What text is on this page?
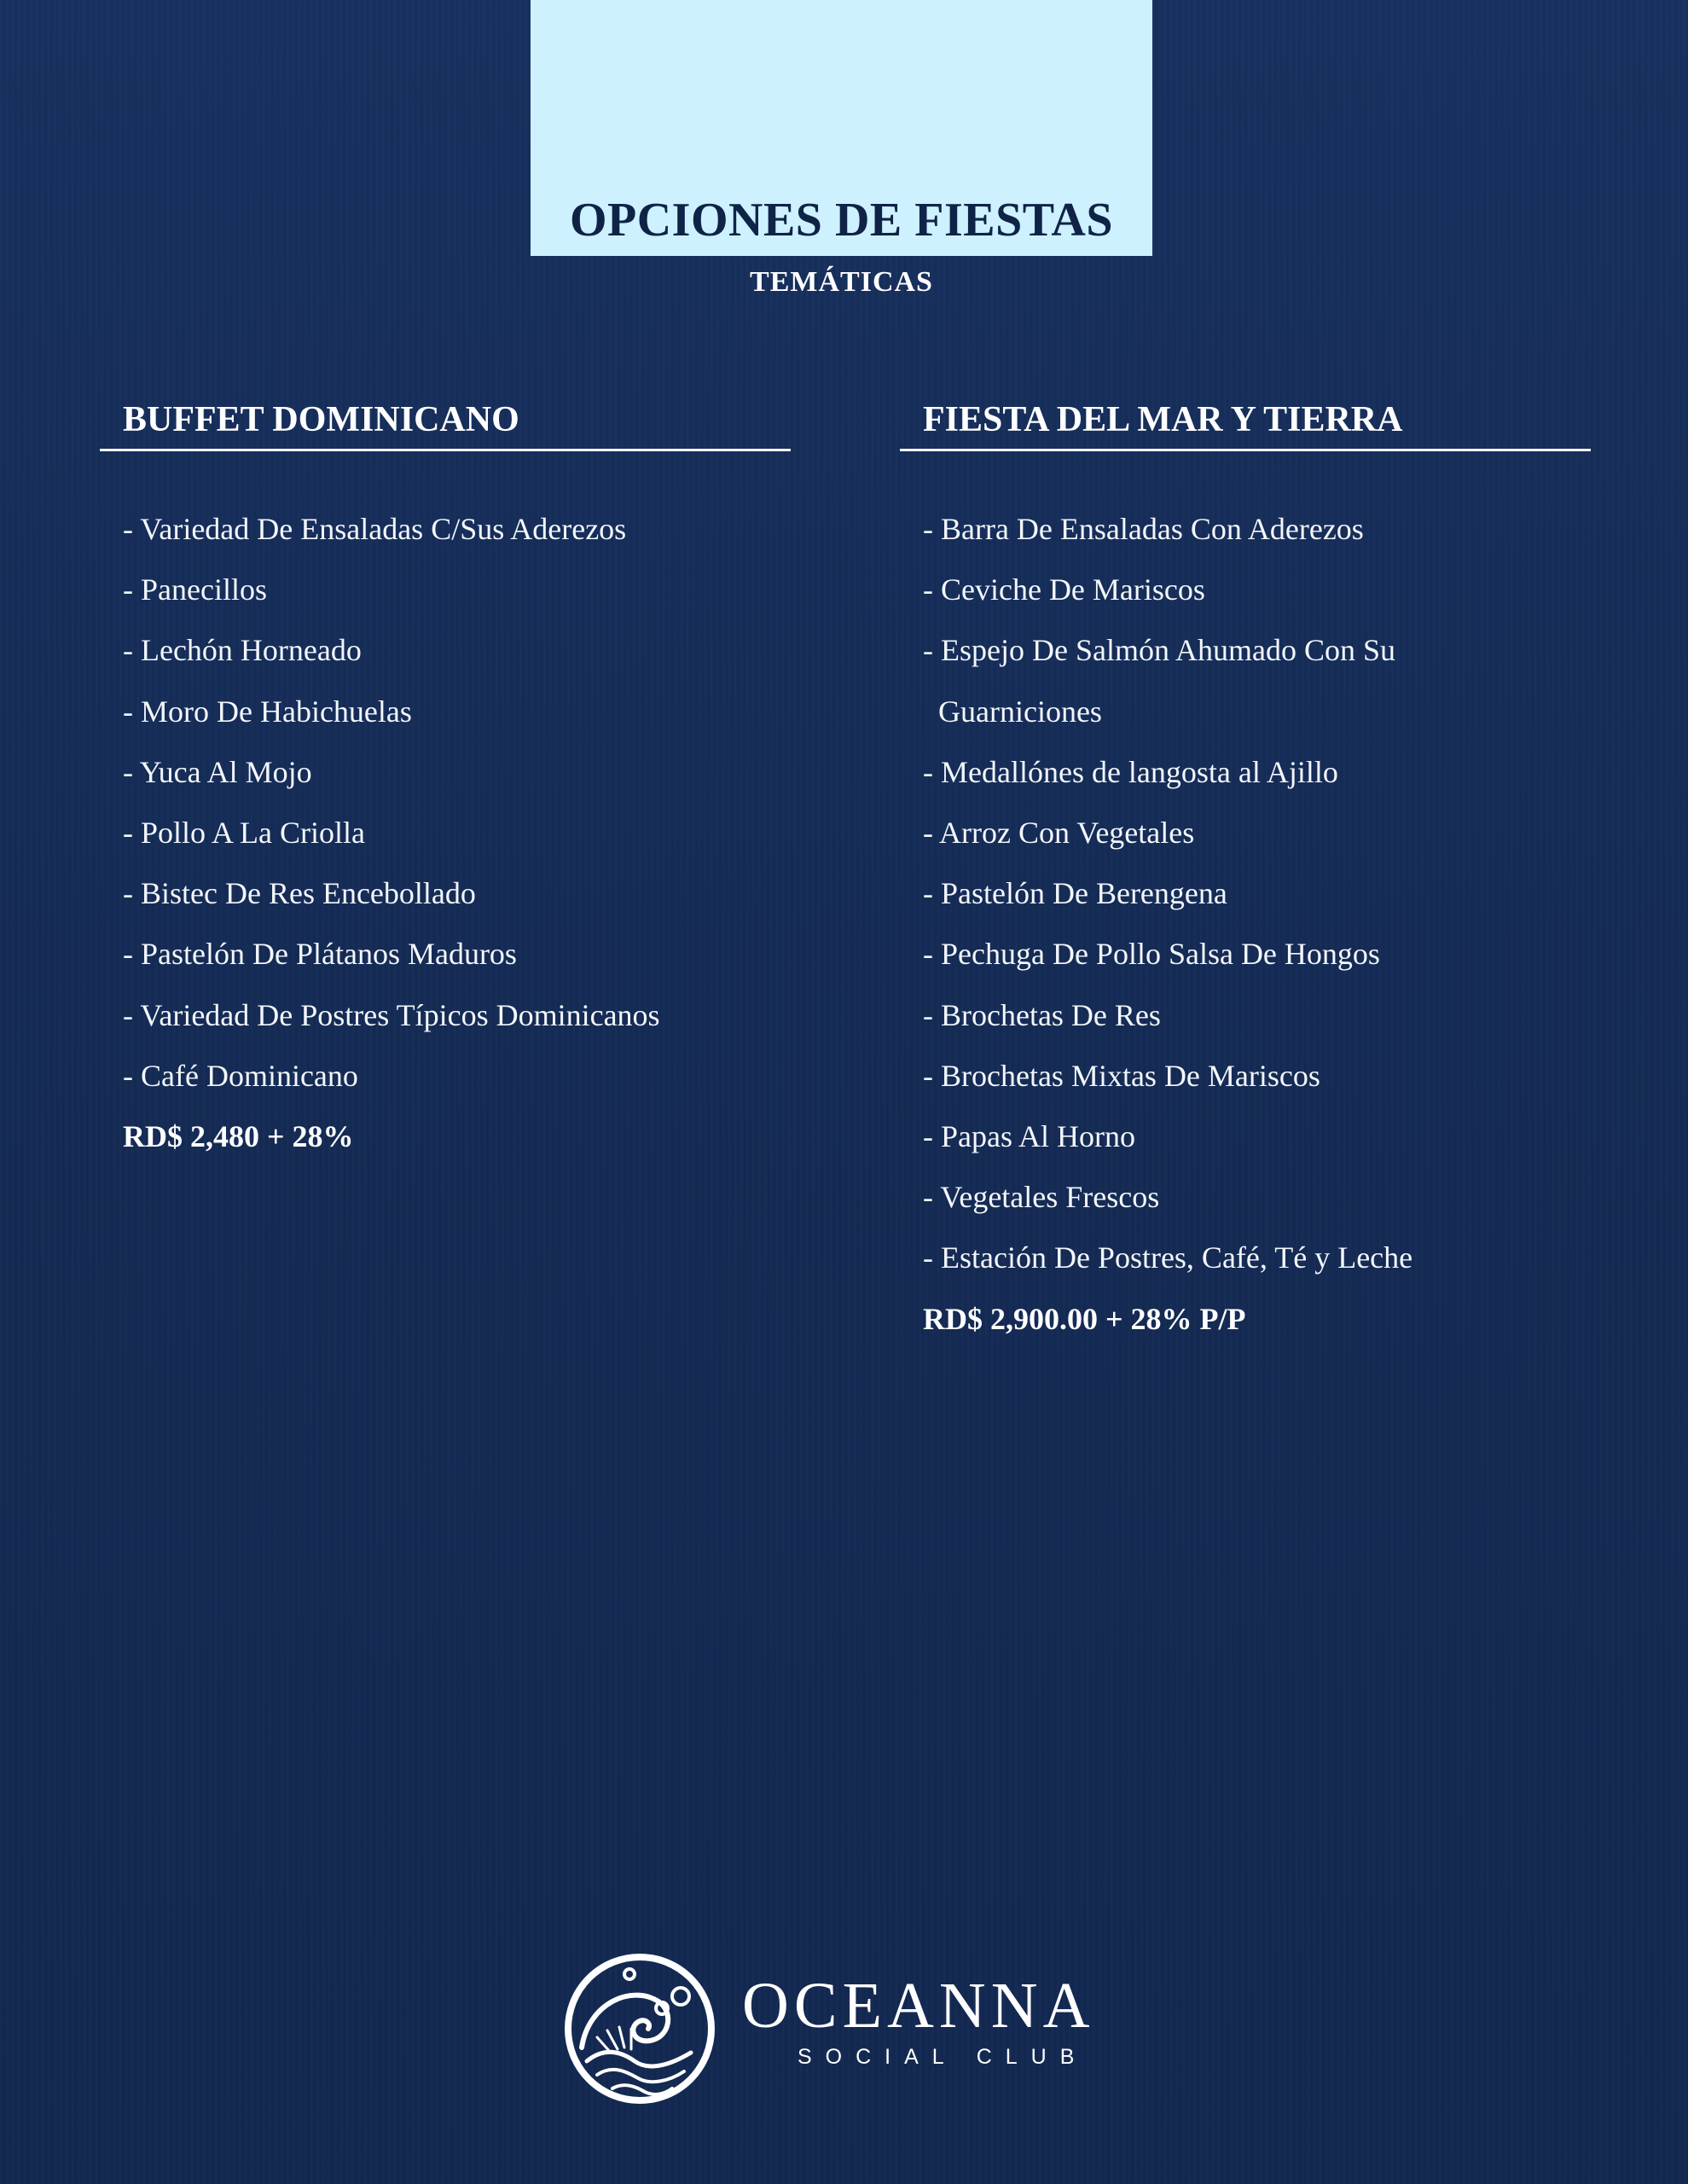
OPCIONES DE FIESTAS
TEMÁTICAS
BUFFET DOMINICANO
- Variedad De Ensaladas C/Sus Aderezos
- Panecillos
- Lechón Horneado
- Moro De Habichuelas
- Yuca Al Mojo
- Pollo A La Criolla
- Bistec De Res Encebollado
- Pastelón De Plátanos Maduros
- Variedad De Postres Típicos Dominicanos
- Café Dominicano
RD$ 2,480 + 28%
FIESTA DEL MAR Y TIERRA
- Barra De Ensaladas Con Aderezos
- Ceviche De Mariscos
- Espejo De Salmón Ahumado Con Su
Guarniciones
- Medallónes de langosta al Ajillo
- Arroz Con Vegetales
- Pastelón De Berengena
- Pechuga De Pollo Salsa De Hongos
- Brochetas De Res
- Brochetas Mixtas De Mariscos
- Papas Al Horno
- Vegetales Frescos
- Estación De Postres, Café, Té y Leche
RD$ 2,900.00 + 28% P/P
OCEANNA
SOCIAL CLUB
